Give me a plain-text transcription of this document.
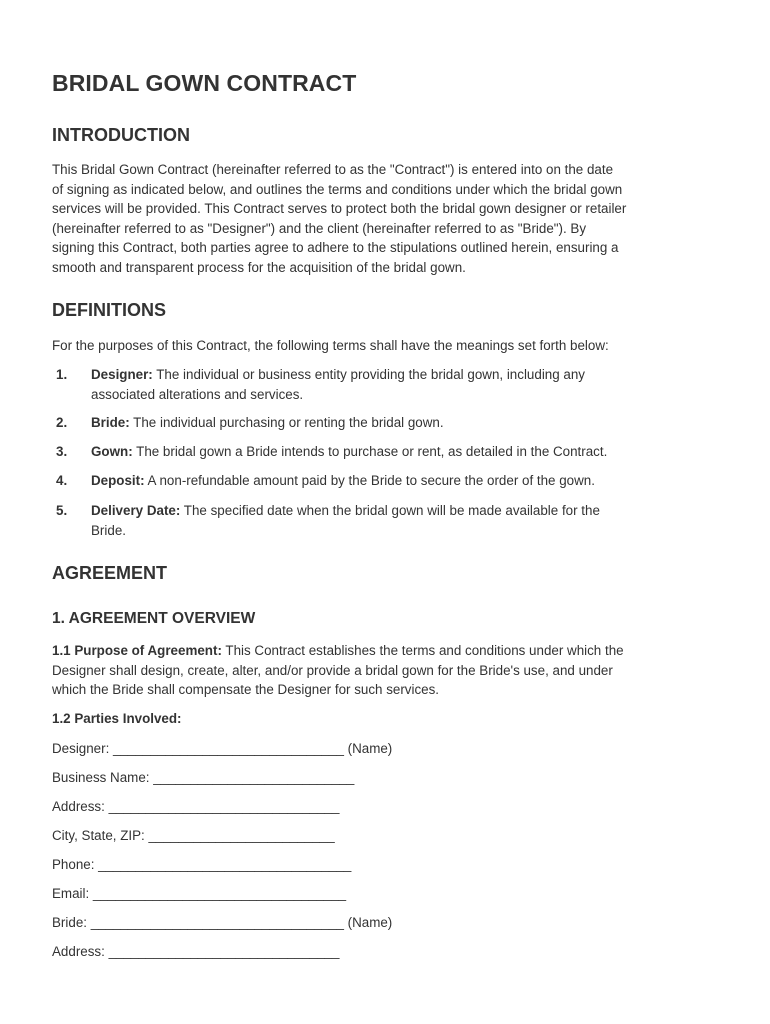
BRIDAL GOWN CONTRACT
INTRODUCTION

This Bridal Gown Contract (hereinafter referred to as the "Contract") is entered into on the date

of signing as indicated below, and outlines the terms and conditions under which the bridal gown

services will be provided. This Contract serves to protect both the bridal gown designer or retailer

(hereinafter referred to as "Designer") and the client (hereinafter referred to as "Bride"). By

signing this Contract, both parties agree to adhere to the stipulations outlined herein, ensuring a

smooth and transparent process for the acquisition of the bridal gown.

DEFINITIONS

For the purposes of this Contract, the following terms shall have the meanings set forth below:

1. Designer: The individual or business entity providing the bridal gown, including any
associated alterations and services.
2. Bride: The individual purchasing or renting the bridal gown.
3. Gown: The bridal gown a Bride intends to purchase or rent, as detailed in the Contract.
4. Deposit: A non-refundable amount paid by the Bride to secure the order of the gown.
5. Delivery Date: The specified date when the bridal gown will be made available for the
Bride.
AGREEMENT
1. AGREEMENT OVERVIEW

1.1 Purpose of Agreement: This Contract establishes the terms and conditions under which the

Designer shall design, create, alter, and/or provide a bridal gown for the Bride's use, and under

which the Bride shall compensate the Designer for such services.

1.2 Parties Involved:

Designer: _______________________________ (Name)

Business Name: ___________________________

Address: _______________________________

City, State, ZIP: _________________________

Phone: __________________________________

Email: __________________________________

Bride: __________________________________ (Name)

Address: _______________________________
